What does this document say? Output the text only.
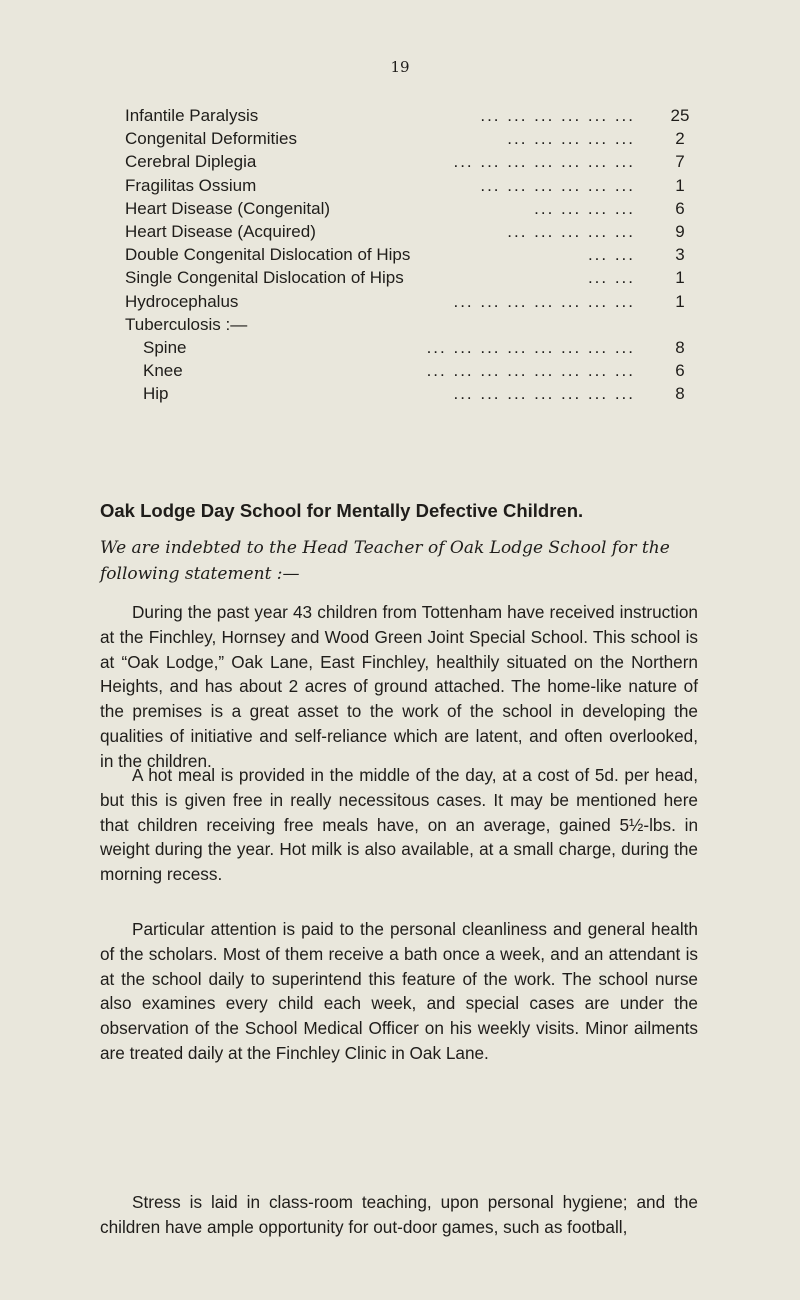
19
Infantile Paralysis	... ... ... ... ... ...	25
Congenital Deformities	... ... ... ... ...	2
Cerebral Diplegia	... ... ... ... ... ... ...	7
Fragilitas Ossium	... ... ... ... ... ...	1
Heart Disease (Congenital)	... ... ... ...	6
Heart Disease (Acquired)	... ... ... ... ...	9
Double Congenital Dislocation of Hips	... ...	3
Single Congenital Dislocation of Hips	... ...	1
Hydrocephalus	... ... ... ... ... ... ...	1
Tuberculosis :—
Spine	... ... ... ... ... ... ... ...	8
Knee	... ... ... ... ... ... ... ...	6
Hip	... ... ... ... ... ... ...	8
Oak Lodge Day School for Mentally Defective Children.
We are indebted to the Head Teacher of Oak Lodge School for the following statement :—

During the past year 43 children from Tottenham have received instruction at the Finchley, Hornsey and Wood Green Joint Special School. This school is at “Oak Lodge,” Oak Lane, East Finchley, healthily situated on the Northern Heights, and has about 2 acres of ground attached. The home-like nature of the premises is a great asset to the work of the school in developing the qualities of initiative and self-reliance which are latent, and often overlooked, in the children.

A hot meal is provided in the middle of the day, at a cost of 5d. per head, but this is given free in really necessitous cases. It may be mentioned here that children receiving free meals have, on an average, gained 5½-lbs. in weight during the year. Hot milk is also available, at a small charge, during the morning recess.

Particular attention is paid to the personal cleanliness and general health of the scholars. Most of them receive a bath once a week, and an attendant is at the school daily to superintend this feature of the work. The school nurse also examines every child each week, and special cases are under the observation of the School Medical Officer on his weekly visits. Minor ailments are treated daily at the Finchley Clinic in Oak Lane.

Stress is laid in class-room teaching, upon personal hygiene; and the children have ample opportunity for out-door games, such as football,
